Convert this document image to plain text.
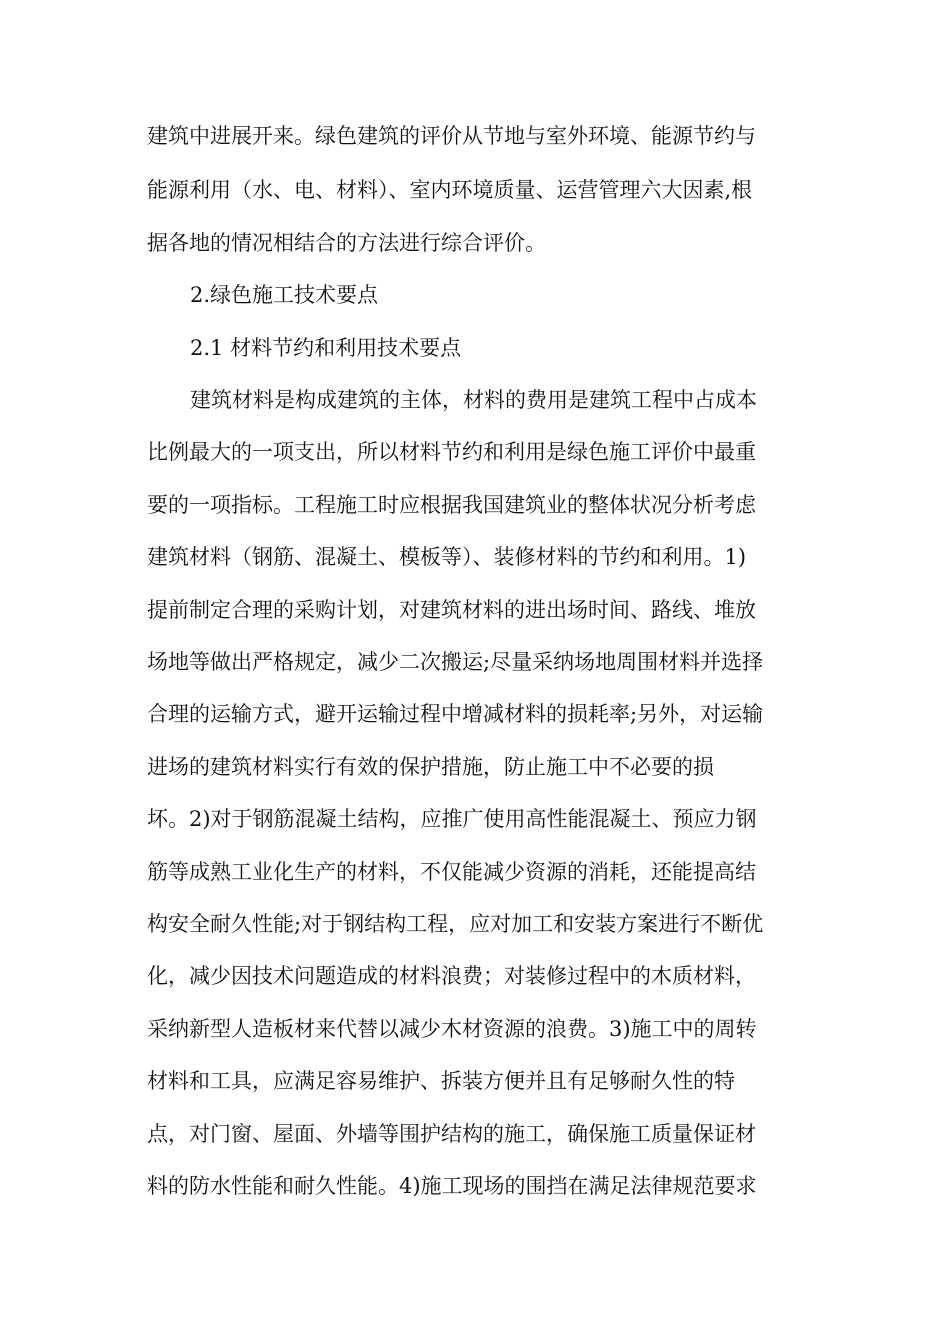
建筑中进展开来。绿色建筑的评价从节地与室外环境、能源节约与
能源利用（水、电、材料）、室内环境质量、运营管理六大因素,根
据各地的情况相结合的方法进行综合评价。
2.绿色施工技术要点
2.1 材料节约和利用技术要点
建筑材料是构成建筑的主体，材料的费用是建筑工程中占成本
比例最大的一项支出，所以材料节约和利用是绿色施工评价中最重
要的一项指标。工程施工时应根据我国建筑业的整体状况分析考虑
建筑材料（钢筋、混凝土、模板等）、装修材料的节约和利用。1)
提前制定合理的采购计划，对建筑材料的进出场时间、路线、堆放
场地等做出严格规定，减少二次搬运;尽量采纳场地周围材料并选择
合理的运输方式，避开运输过程中增减材料的损耗率;另外，对运输
进场的建筑材料实行有效的保护措施，防止施工中不必要的损
坏。2)对于钢筋混凝土结构，应推广使用高性能混凝土、预应力钢
筋等成熟工业化生产的材料，不仅能减少资源的消耗，还能提高结
构安全耐久性能;对于钢结构工程，应对加工和安装方案进行不断优
化，减少因技术问题造成的材料浪费；对装修过程中的木质材料，
采纳新型人造板材来代替以减少木材资源的浪费。3)施工中的周转
材料和工具，应满足容易维护、拆装方便并且有足够耐久性的特
点，对门窗、屋面、外墙等围护结构的施工，确保施工质量保证材
料的防水性能和耐久性能。4)施工现场的围挡在满足法律规范要求
